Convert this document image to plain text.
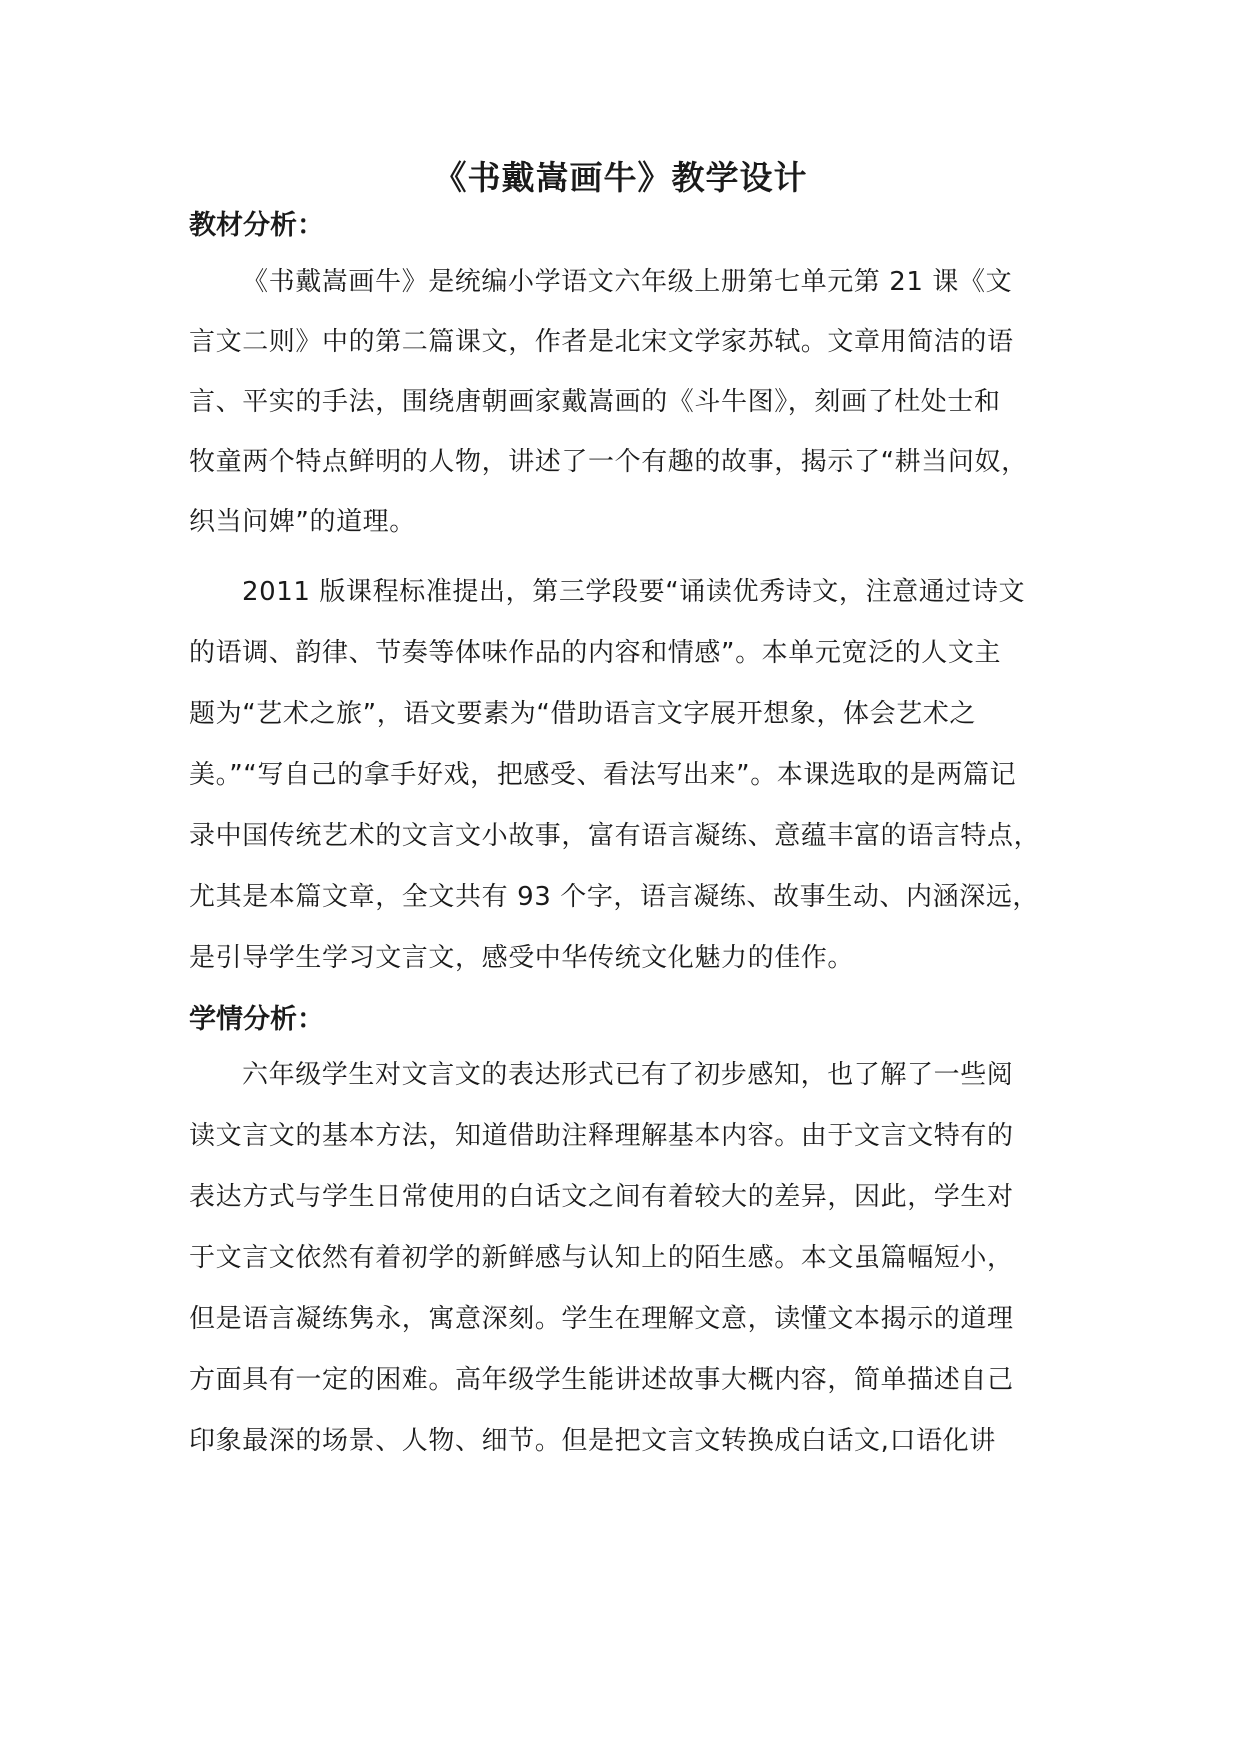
《书戴嵩画牛》教学设计
教材分析：
《书戴嵩画牛》是统编小学语文六年级上册第七单元第 21 课《文
言文二则》中的第二篇课文，作者是北宋文学家苏轼。文章用简洁的语
言、平实的手法，围绕唐朝画家戴嵩画的《斗牛图》，刻画了杜处士和
牧童两个特点鲜明的人物，讲述了一个有趣的故事，揭示了“耕当问奴，
织当问婢”的道理。
2011 版课程标准提出，第三学段要“诵读优秀诗文，注意通过诗文
的语调、韵律、节奏等体味作品的内容和情感”。本单元宽泛的人文主
题为“艺术之旅”，语文要素为“借助语言文字展开想象，体会艺术之
美。”“写自己的拿手好戏，把感受、看法写出来”。本课选取的是两篇记
录中国传统艺术的文言文小故事，富有语言凝练、意蕴丰富的语言特点，
尤其是本篇文章，全文共有 93 个字，语言凝练、故事生动、内涵深远，
是引导学生学习文言文，感受中华传统文化魅力的佳作。
学情分析：
六年级学生对文言文的表达形式已有了初步感知，也了解了一些阅
读文言文的基本方法，知道借助注释理解基本内容。由于文言文特有的
表达方式与学生日常使用的白话文之间有着较大的差异，因此，学生对
于文言文依然有着初学的新鲜感与认知上的陌生感。本文虽篇幅短小，
但是语言凝练隽永，寓意深刻。学生在理解文意，读懂文本揭示的道理
方面具有一定的困难。高年级学生能讲述故事大概内容，简单描述自己
印象最深的场景、人物、细节。但是把文言文转换成白话文,口语化讲
